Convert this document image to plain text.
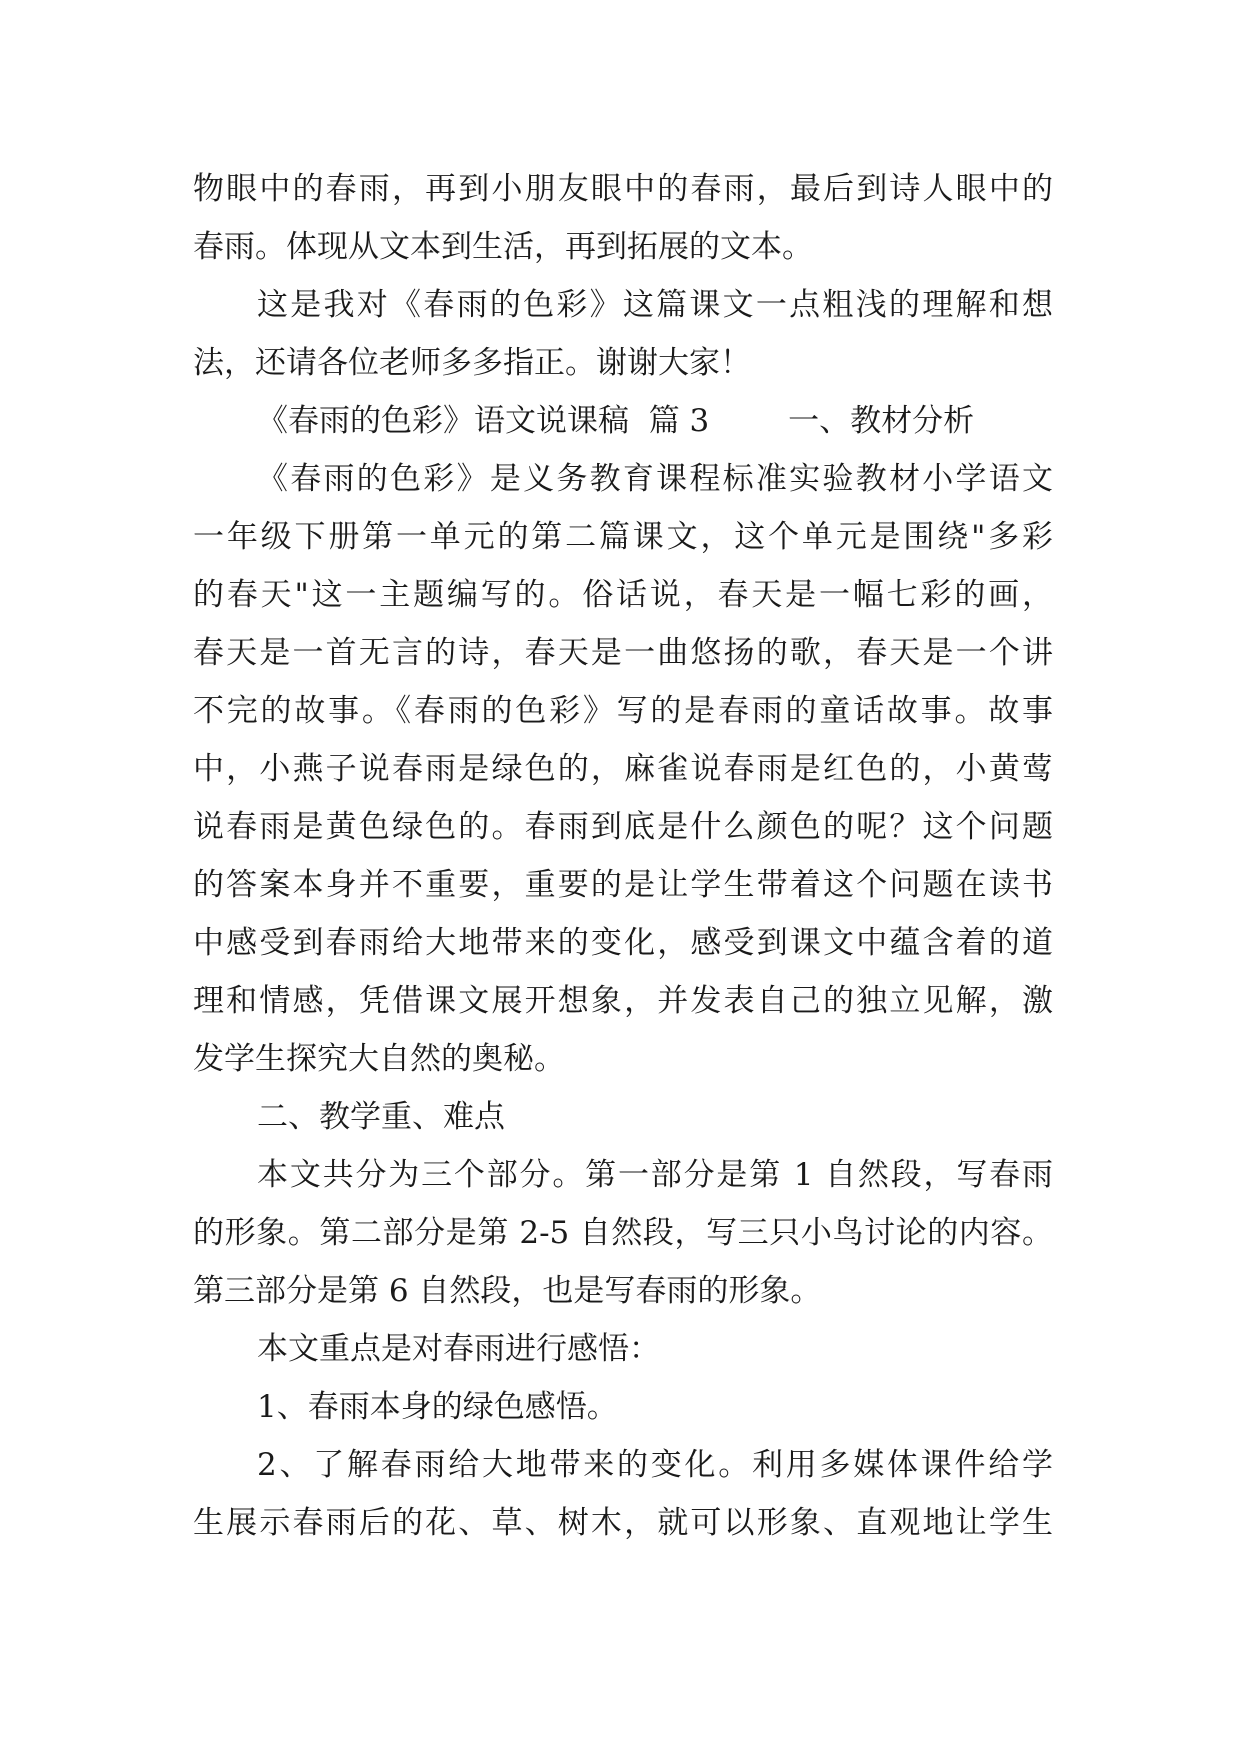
物眼中的春雨，再到小朋友眼中的春雨，最后到诗人眼中的
春雨。体现从文本到生活，再到拓展的文本。
这是我对《春雨的色彩》这篇课文一点粗浅的理解和想
法，还请各位老师多多指正。谢谢大家！
《春雨的色彩》语文说课稿  篇 3        一、教材分析
《春雨的色彩》是义务教育课程标准实验教材小学语文
一年级下册第一单元的第二篇课文，这个单元是围绕"多彩
的春天"这一主题编写的。俗话说，春天是一幅七彩的画，
春天是一首无言的诗，春天是一曲悠扬的歌，春天是一个讲
不完的故事。《春雨的色彩》写的是春雨的童话故事。故事
中，小燕子说春雨是绿色的，麻雀说春雨是红色的，小黄莺
说春雨是黄色绿色的。春雨到底是什么颜色的呢？这个问题
的答案本身并不重要，重要的是让学生带着这个问题在读书
中感受到春雨给大地带来的变化，感受到课文中蕴含着的道
理和情感，凭借课文展开想象，并发表自己的独立见解，激
发学生探究大自然的奥秘。
二、教学重、难点
本文共分为三个部分。第一部分是第 1 自然段，写春雨
的形象。第二部分是第 2-5 自然段，写三只小鸟讨论的内容。
第三部分是第 6 自然段，也是写春雨的形象。
本文重点是对春雨进行感悟：
1、春雨本身的绿色感悟。
2、了解春雨给大地带来的变化。利用多媒体课件给学
生展示春雨后的花、草、树木，就可以形象、直观地让学生
